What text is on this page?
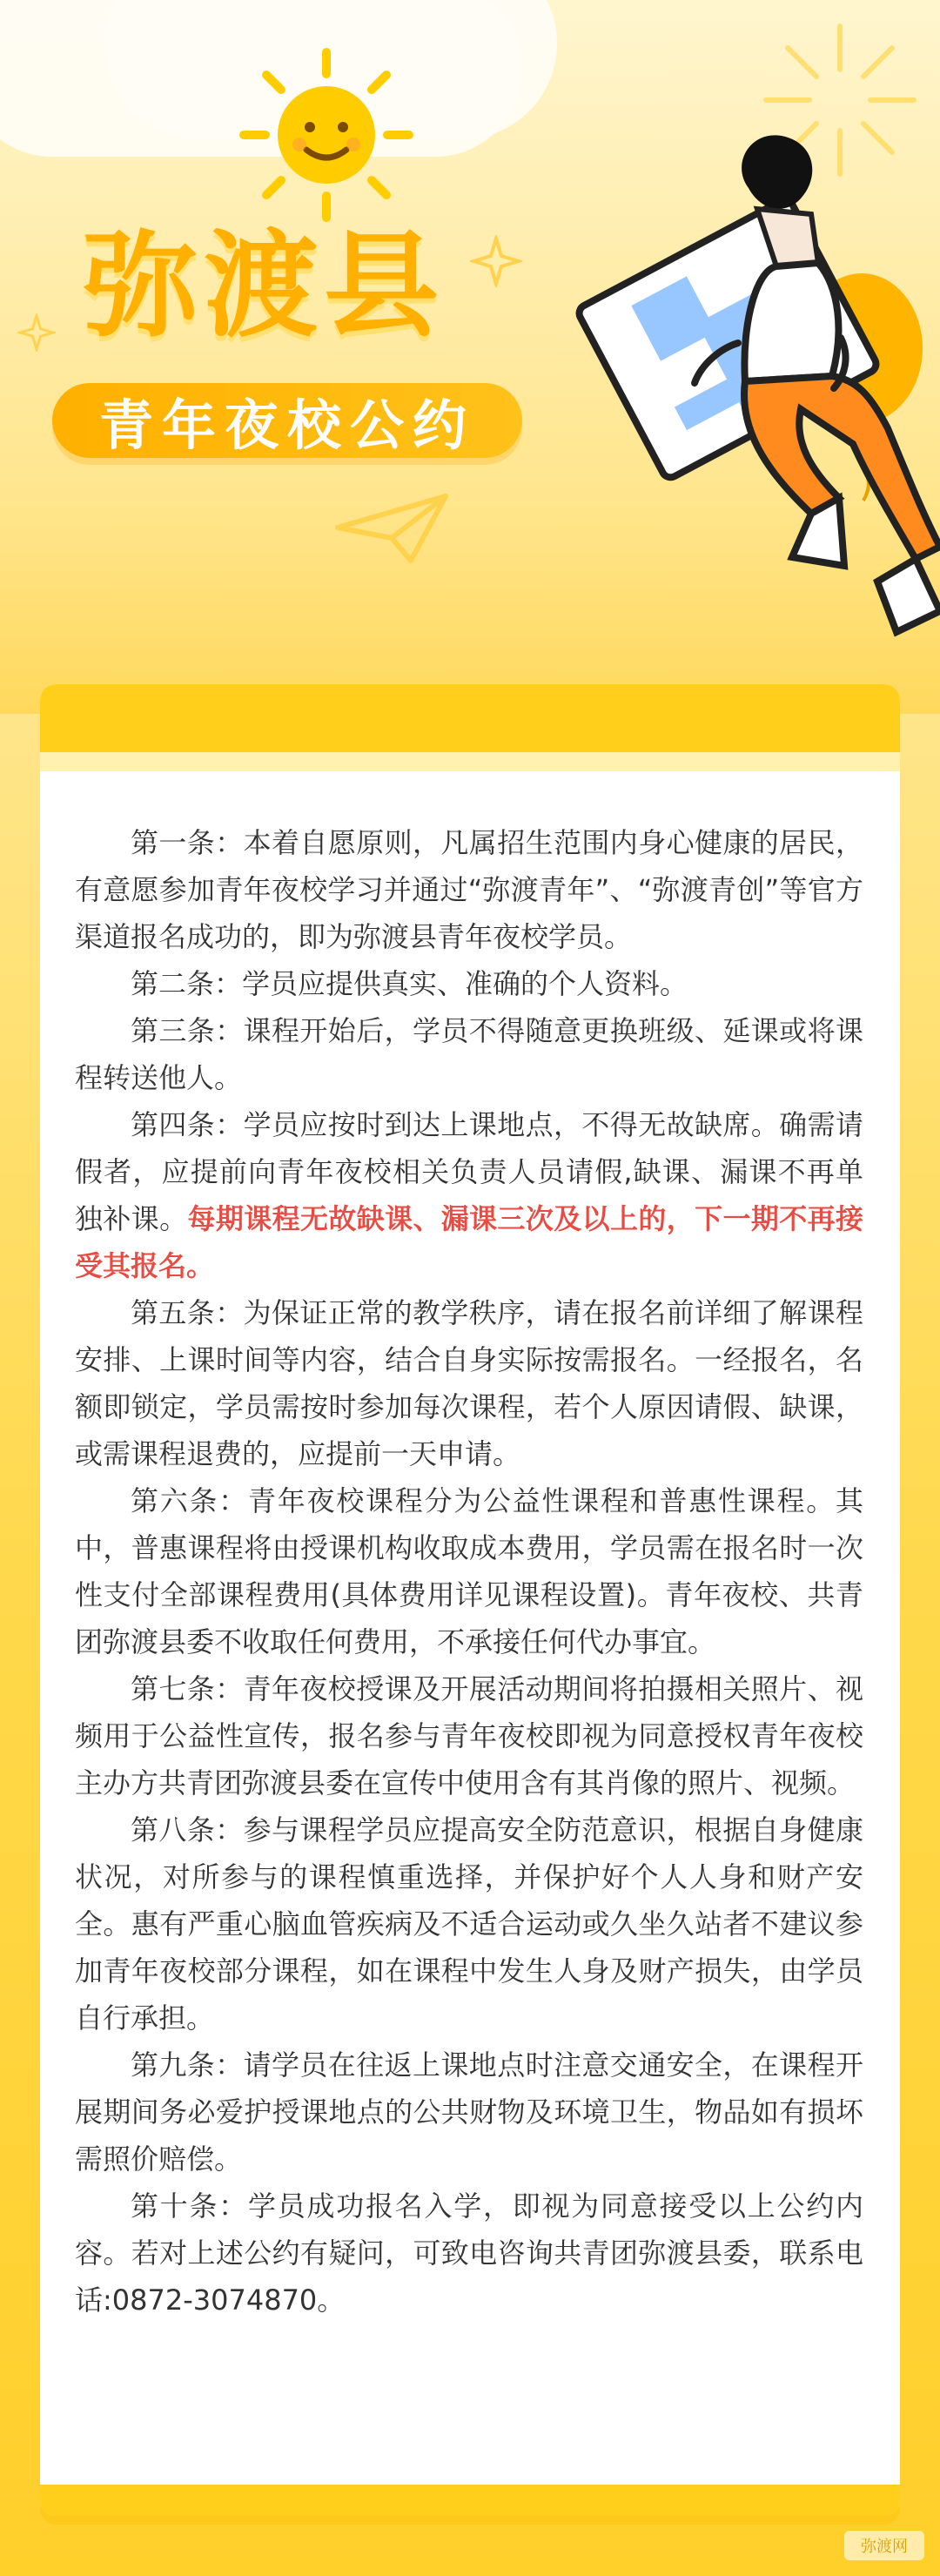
弥渡县
青年夜校公约

第一条：本着自愿原则，凡属招生范围内身心健康的居民，有意愿参加青年夜校学习并通过“弥渡青年”、“弥渡青创”等官方渠道报名成功的，即为弥渡县青年夜校学员。

第二条：学员应提供真实、准确的个人资料。

第三条：课程开始后，学员不得随意更换班级、延课或将课程转送他人。

第四条：学员应按时到达上课地点，不得无故缺席。确需请假者，应提前向青年夜校相关负责人员请假,缺课、漏课不再单独补课。每期课程无故缺课、漏课三次及以上的，下一期不再接受其报名。

第五条：为保证正常的教学秩序，请在报名前详细了解课程安排、上课时间等内容，结合自身实际按需报名。一经报名，名额即锁定，学员需按时参加每次课程，若个人原因请假、缺课，或需课程退费的，应提前一天申请。

第六条：青年夜校课程分为公益性课程和普惠性课程。其中，普惠课程将由授课机构收取成本费用，学员需在报名时一次性支付全部课程费用(具体费用详见课程设置)。青年夜校、共青团弥渡县委不收取任何费用，不承接任何代办事宜。

第七条：青年夜校授课及开展活动期间将拍摄相关照片、视频用于公益性宣传，报名参与青年夜校即视为同意授权青年夜校主办方共青团弥渡县委在宣传中使用含有其肖像的照片、视频。

第八条：参与课程学员应提高安全防范意识，根据自身健康状况，对所参与的课程慎重选择，并保护好个人人身和财产安全。惠有严重心脑血管疾病及不适合运动或久坐久站者不建议参加青年夜校部分课程，如在课程中发生人身及财产损失，由学员自行承担。

第九条：请学员在往返上课地点时注意交通安全，在课程开展期间务必爱护授课地点的公共财物及环境卫生，物品如有损坏需照价赔偿。

第十条：学员成功报名入学，即视为同意接受以上公约内容。若对上述公约有疑问，可致电咨询共青团弥渡县委，联系电话:0872-3074870。

弥渡网
